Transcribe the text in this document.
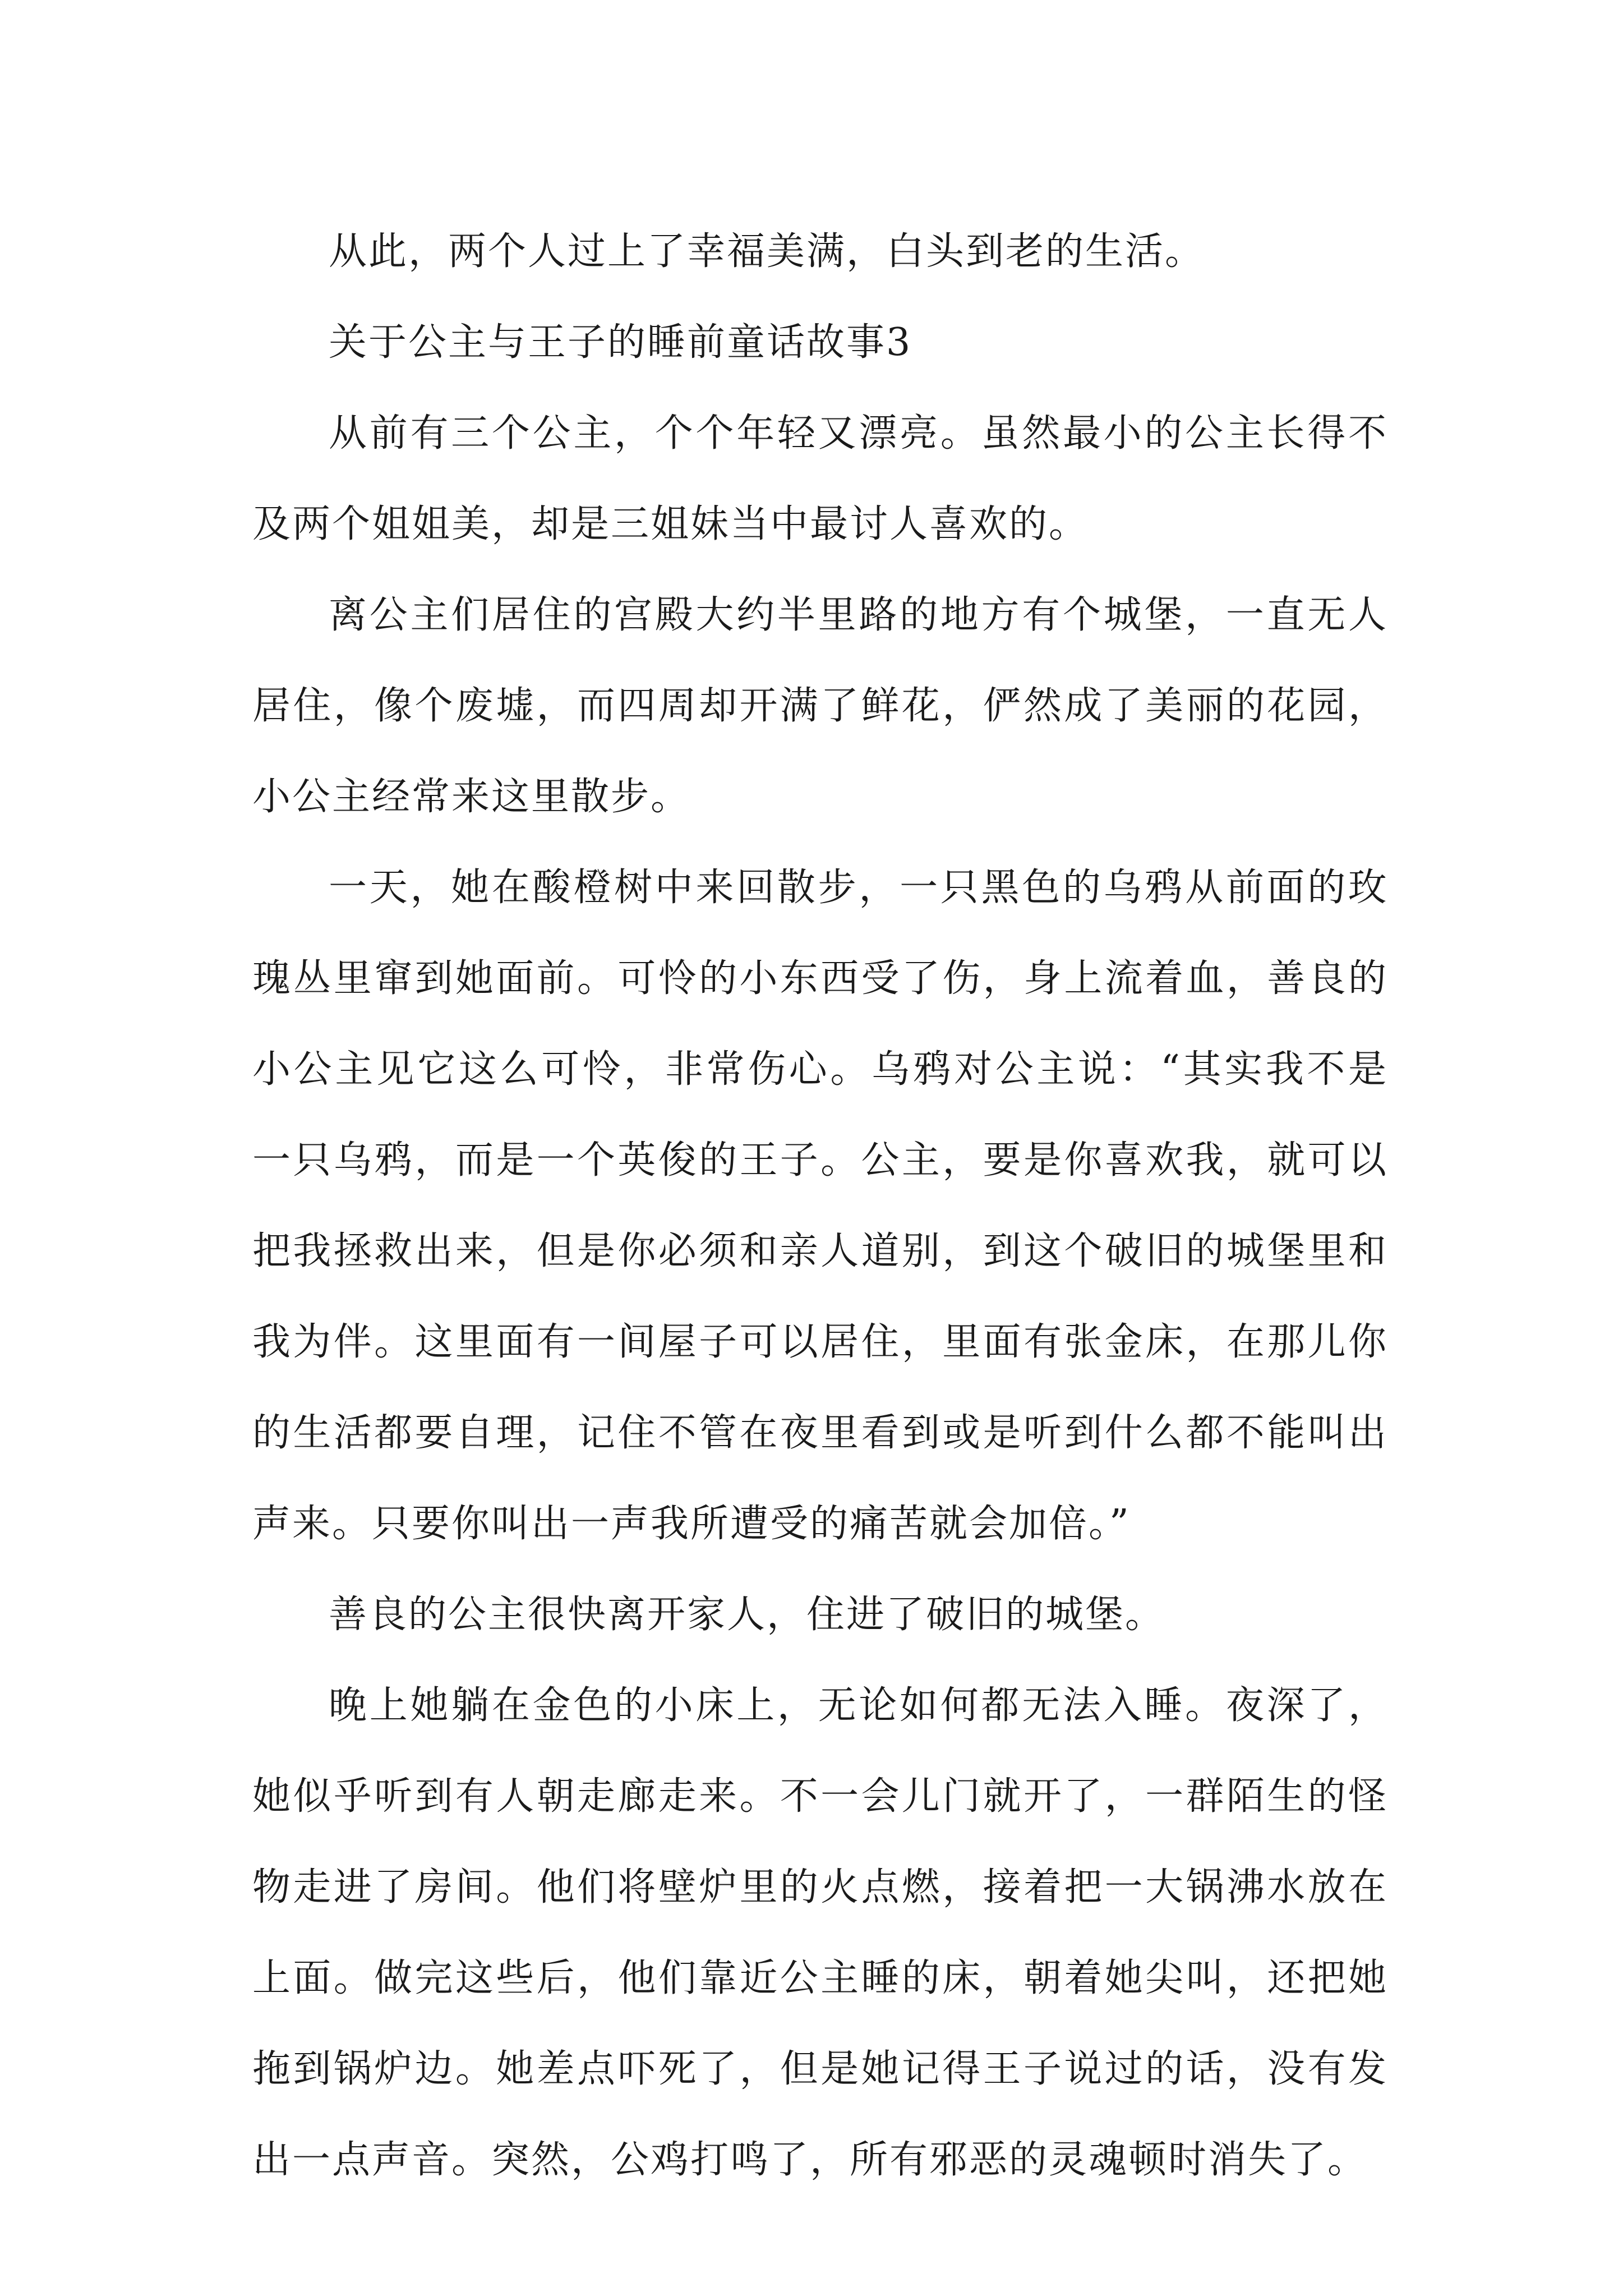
从此，两个人过上了幸福美满，白头到老的生活。

关于公主与王子的睡前童话故事3

从前有三个公主，个个年轻又漂亮。虽然最小的公主长得不及两个姐姐美，却是三姐妹当中最讨人喜欢的。

离公主们居住的宫殿大约半里路的地方有个城堡，一直无人居住，像个废墟，而四周却开满了鲜花，俨然成了美丽的花园，小公主经常来这里散步。

一天，她在酸橙树中来回散步，一只黑色的乌鸦从前面的玫瑰丛里窜到她面前。可怜的小东西受了伤，身上流着血，善良的小公主见它这么可怜，非常伤心。乌鸦对公主说：“其实我不是一只乌鸦，而是一个英俊的王子。公主，要是你喜欢我，就可以把我拯救出来，但是你必须和亲人道别，到这个破旧的城堡里和我为伴。这里面有一间屋子可以居住，里面有张金床，在那儿你的生活都要自理，记住不管在夜里看到或是听到什么都不能叫出声来。只要你叫出一声我所遭受的痛苦就会加倍。”

善良的公主很快离开家人，住进了破旧的城堡。

晚上她躺在金色的小床上，无论如何都无法入睡。夜深了，她似乎听到有人朝走廊走来。不一会儿门就开了，一群陌生的怪物走进了房间。他们将壁炉里的火点燃，接着把一大锅沸水放在上面。做完这些后，他们靠近公主睡的床，朝着她尖叫，还把她拖到锅炉边。她差点吓死了，但是她记得王子说过的话，没有发出一点声音。突然，公鸡打鸣了，所有邪恶的灵魂顿时消失了。
